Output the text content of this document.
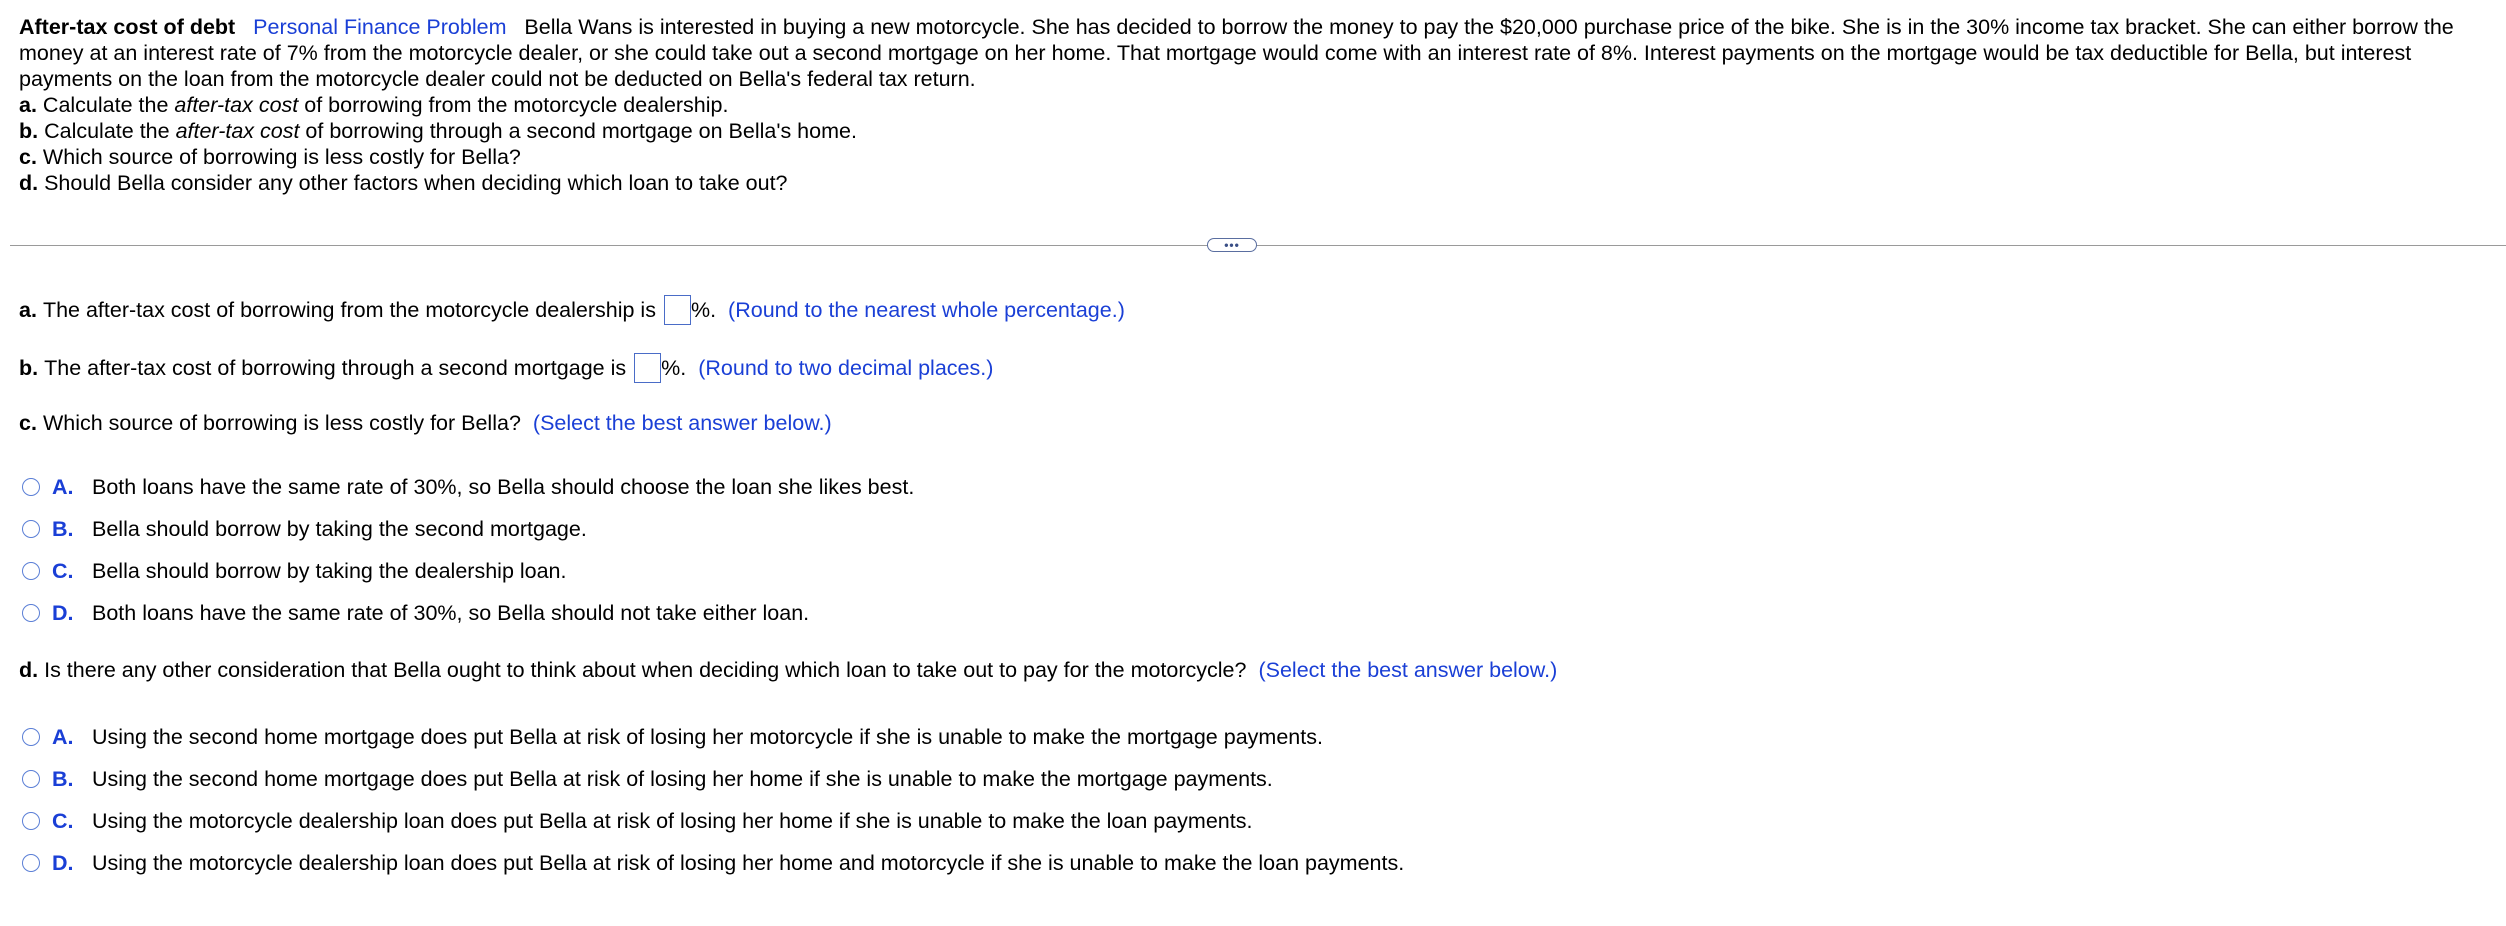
After-tax cost of debt Personal Finance Problem Bella Wans is interested in buying a new motorcycle. She has decided to borrow the money to pay the $20,000 purchase price of the bike. She is in the 30% income tax bracket. She can either borrow the money at an interest rate of 7% from the motorcycle dealer, or she could take out a second mortgage on her home. That mortgage would come with an interest rate of 8%. Interest payments on the mortgage would be tax deductible for Bella, but interest payments on the loan from the motorcycle dealer could not be deducted on Bella's federal tax return.

a. Calculate the after-tax cost of borrowing from the motorcycle dealership.
b. Calculate the after-tax cost of borrowing through a second mortgage on Bella's home.
c. Which source of borrowing is less costly for Bella?
d. Should Bella consider any other factors when deciding which loan to take out?
•••
a. The after-tax cost of borrowing from the motorcycle dealership is %. (Round to the nearest whole percentage.)
b. The after-tax cost of borrowing through a second mortgage is %. (Round to two decimal places.)
c. Which source of borrowing is less costly for Bella? (Select the best answer below.)
A. Both loans have the same rate of 30%, so Bella should choose the loan she likes best.
B. Bella should borrow by taking the second mortgage.
C. Bella should borrow by taking the dealership loan.
D. Both loans have the same rate of 30%, so Bella should not take either loan.
d. Is there any other consideration that Bella ought to think about when deciding which loan to take out to pay for the motorcycle? (Select the best answer below.)
A. Using the second home mortgage does put Bella at risk of losing her motorcycle if she is unable to make the mortgage payments.
B. Using the second home mortgage does put Bella at risk of losing her home if she is unable to make the mortgage payments.
C. Using the motorcycle dealership loan does put Bella at risk of losing her home if she is unable to make the loan payments.
D. Using the motorcycle dealership loan does put Bella at risk of losing her home and motorcycle if she is unable to make the loan payments.
